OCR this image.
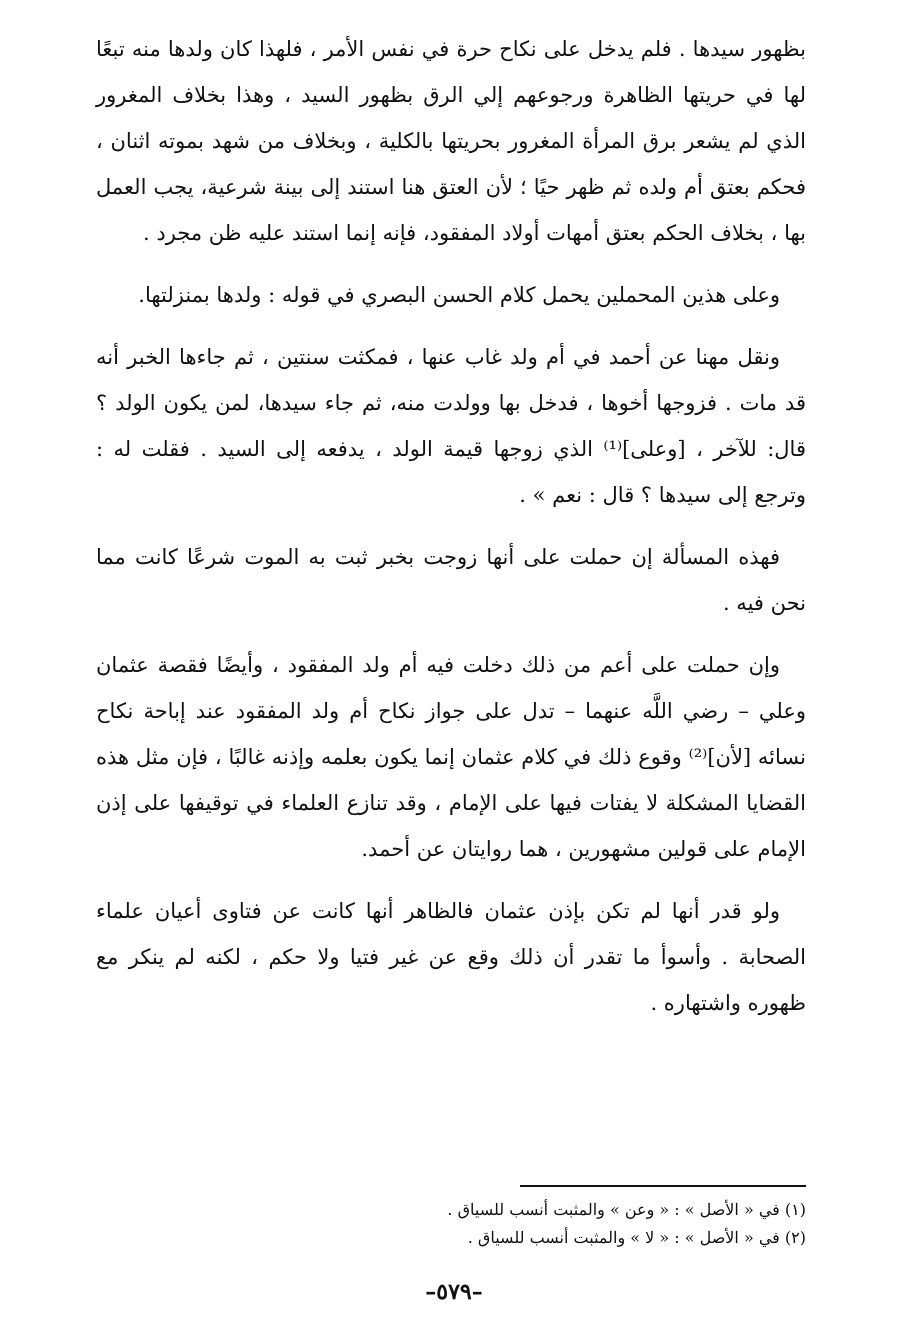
بظهور سيدها . فلم يدخل على نكاح حرة في نفس الأمر ، فلهذا كان ولدها منه تبعًا لها في حريتها الظاهرة ورجوعهم إلي الرق بظهور السيد ، وهذا بخلاف المغرور الذي لم يشعر برق المرأة المغرور بحريتها بالكلية ، وبخلاف من شهد بموته اثنان ، فحكم بعتق أم ولده ثم ظهر حيًا ؛ لأن العتق هنا استند إلى بينة شرعية، يجب العمل بها ، بخلاف الحكم بعتق أمهات أولاد المفقود، فإنه إنما استند عليه ظن مجرد .

وعلى هذين المحملين يحمل كلام الحسن البصري في قوله : ولدها بمنزلتها.

ونقل مهنا عن أحمد في أم ولد غاب عنها ، فمكثت سنتين ، ثم جاءها الخبر أنه قد مات . فزوجها أخوها ، فدخل بها وولدت منه، ثم جاء سيدها، لمن يكون الولد ؟ قال: للآخر ، [وعلى]⁽¹⁾ الذي زوجها قيمة الولد ، يدفعه إلى السيد . فقلت له : وترجع إلى سيدها ؟ قال : نعم » .

فهذه المسألة إن حملت على أنها زوجت بخبر ثبت به الموت شرعًا كانت مما نحن فيه .

وإن حملت على أعم من ذلك دخلت فيه أم ولد المفقود ، وأيضًا فقصة عثمان وعلي – رضي اللَّه عنهما – تدل على جواز نكاح أم ولد المفقود عند إباحة نكاح نسائه [لأن]⁽²⁾ وقوع ذلك في كلام عثمان إنما يكون بعلمه وإذنه غالبًا ، فإن مثل هذه القضايا المشكلة لا يفتات فيها على الإمام ، وقد تنازع العلماء في توقيفها على إذن الإمام على قولين مشهورين ، هما روايتان عن أحمد.

ولو قدر أنها لم تكن بإذن عثمان فالظاهر أنها كانت عن فتاوى أعيان علماء الصحابة . وأسوأ ما تقدر أن ذلك وقع عن غير فتيا ولا حكم ، لكنه لم ينكر مع ظهوره واشتهاره .

(١) في « الأصل » : « وعن » والمثبت أنسب للسياق .

(٢) في « الأصل » : « لا » والمثبت أنسب للسياق .

–٥٧٩–
